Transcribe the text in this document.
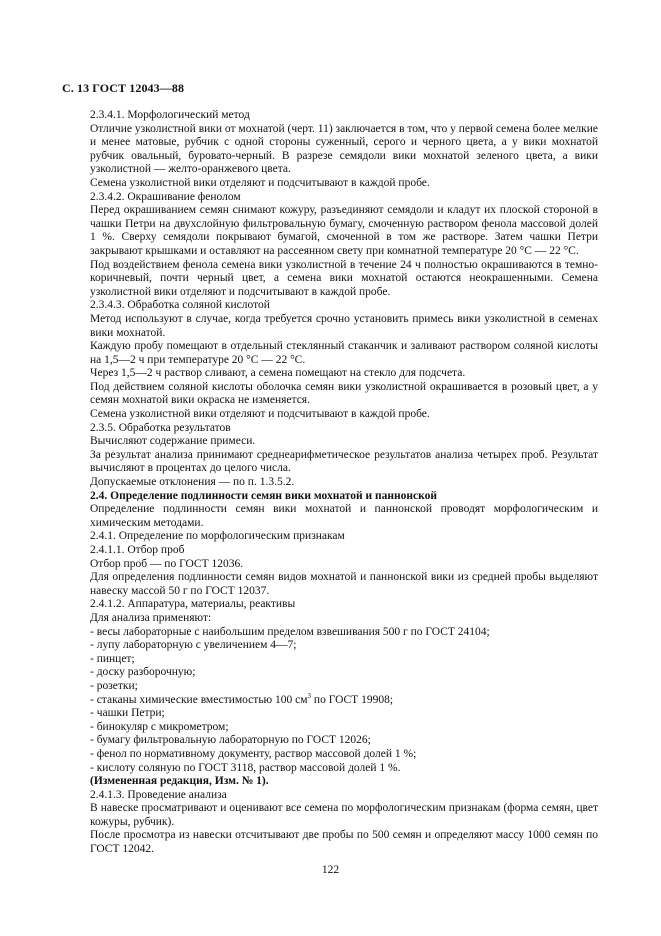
С. 13 ГОСТ 12043—88

2.3.4.1. Морфологический метод

Отличие узколистной вики от мохнатой (черт. 11) заключается в том, что у первой семена более мелкие и менее матовые, рубчик с одной стороны суженный, серого и черного цвета, а у вики мохнатой рубчик овальный, буровато-черный. В разрезе семядоли вики мохнатой зеленого цвета, а вики узколистной — желто-оранжевого цвета.

Семена узколистной вики отделяют и подсчитывают в каждой пробе.

2.3.4.2. Окрашивание фенолом

Перед окрашиванием семян снимают кожуру, разъединяют семядоли и кладут их плоской стороной в чашки Петри на двухслойную фильтровальную бумагу, смоченную раствором фенола массовой долей 1 %. Сверху семядоли покрывают бумагой, смоченной в том же растворе. Затем чашки Петри закрывают крышками и оставляют на рассеянном свету при комнатной температуре 20 °С — 22 °С.

Под воздействием фенола семена вики узколистной в течение 24 ч полностью окрашиваются в темно-коричневый, почти черный цвет, а семена вики мохнатой остаются неокрашенными. Семена узколистной вики отделяют и подсчитывают в каждой пробе.

2.3.4.3. Обработка соляной кислотой

Метод используют в случае, когда требуется срочно установить примесь вики узколистной в семенах вики мохнатой.

Каждую пробу помещают в отдельный стеклянный стаканчик и заливают раствором соляной кислоты на 1,5—2 ч при температуре 20 °С — 22 °С.

Через 1,5—2 ч раствор сливают, а семена помещают на стекло для подсчета.

Под действием соляной кислоты оболочка семян вики узколистной окрашивается в розовый цвет, а у семян мохнатой вики окраска не изменяется.

Семена узколистной вики отделяют и подсчитывают в каждой пробе.

2.3.5. Обработка результатов

Вычисляют содержание примеси.

За результат анализа принимают среднеарифметическое результатов анализа четырех проб. Результат вычисляют в процентах до целого числа.

Допускаемые отклонения — по п. 1.3.5.2.

2.4. Определение подлинности семян вики мохнатой и паннонской

Определение подлинности семян вики мохнатой и паннонской проводят морфологическим и химическим методами.

2.4.1. Определение по морфологическим признакам

2.4.1.1. Отбор проб

Отбор проб — по ГОСТ 12036.

Для определения подлинности семян видов мохнатой и паннонской вики из средней пробы выделяют навеску массой 50 г по ГОСТ 12037.

2.4.1.2. Аппаратура, материалы, реактивы

Для анализа применяют:

- весы лабораторные с наибольшим пределом взвешивания 500 г по ГОСТ 24104;

- лупу лабораторную с увеличением 4—7;

- пинцет;

- доску разборочную;

- розетки;

- стаканы химические вместимостью 100 $см^3$ по ГОСТ 19908;

- чашки Петри;

- бинокуляр с микрометром;

- бумагу фильтровальную лабораторную по ГОСТ 12026;

- фенол по нормативному документу, раствор массовой долей 1 %;

- кислоту соляную по ГОСТ 3118, раствор массовой долей 1 %.

(Измененная редакция, Изм. № 1).

2.4.1.3. Проведение анализа

В навеске просматривают и оценивают все семена по морфологическим признакам (форма семян, цвет кожуры, рубчик).

После просмотра из навески отсчитывают две пробы по 500 семян и определяют массу 1000 семян по ГОСТ 12042.

122
